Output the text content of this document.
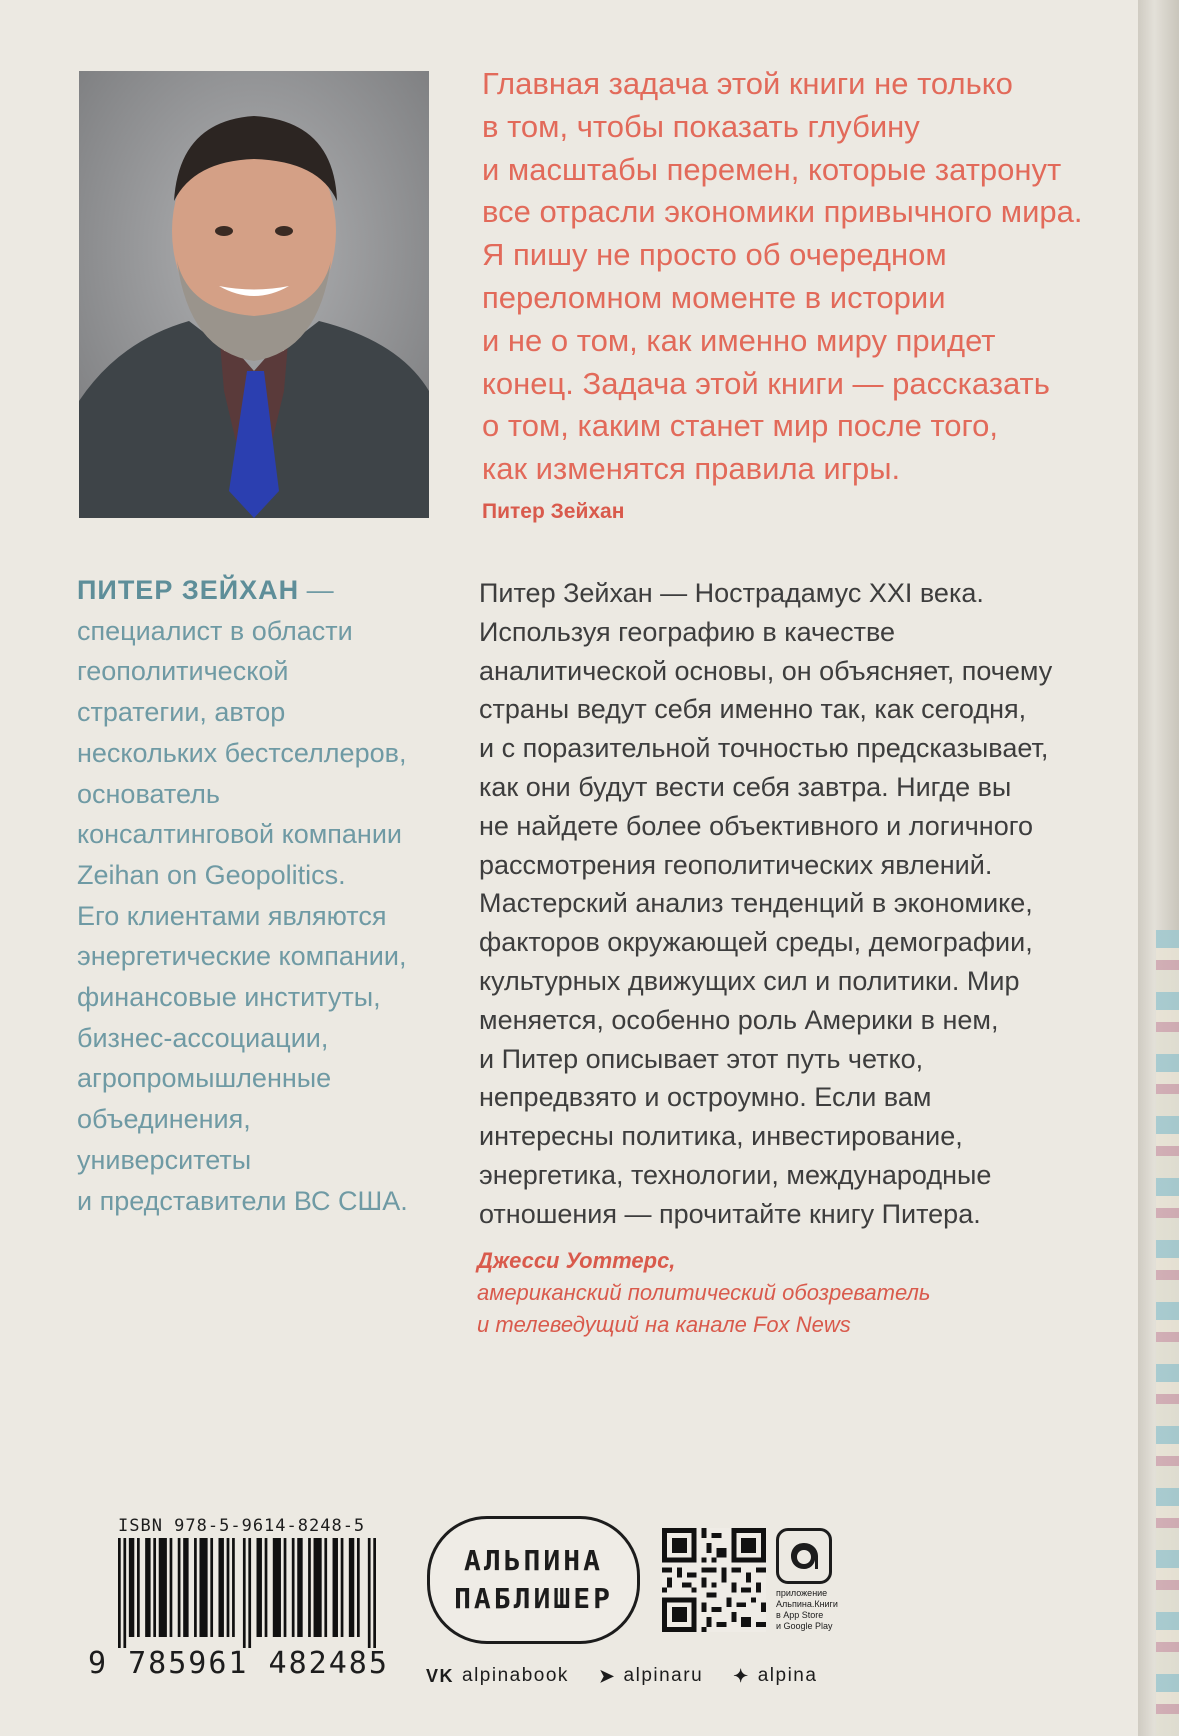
Главная задача этой книги не только
в том, чтобы показать глубину
и масштабы перемен, которые затронут
все отрасли экономики привычного мира.
Я пишу не просто об очередном
переломном моменте в истории
и не о том, как именно миру придет
конец. Задача этой книги — рассказать
о том, каким станет мир после того,
как изменятся правила игры.
Питер Зейхан
ПИТЕР ЗЕЙХАН —
специалист в области
геополитической
стратегии, автор
нескольких бестселлеров,
основатель
консалтинговой компании
Zeihan on Geopolitics.
Его клиентами являются
энергетические компании,
финансовые институты,
бизнес-ассоциации,
агропромышленные
объединения,
университеты
и представители ВС США.
Питер Зейхан — Нострадамус XXI века.
Используя географию в качестве
аналитической основы, он объясняет, почему
страны ведут себя именно так, как сегодня,
и с поразительной точностью предсказывает,
как они будут вести себя завтра. Нигде вы
не найдете более объективного и логичного
рассмотрения геополитических явлений.
Мастерский анализ тенденций в экономике,
факторов окружающей среды, демографии,
культурных движущих сил и политики. Мир
меняется, особенно роль Америки в нем,
и Питер описывает этот путь четко,
непредвзято и остроумно. Если вам
интересны политика, инвестирование,
энергетика, технологии, международные
отношения — прочитайте книгу Питера.
Джесси Уоттерс,
американский политический обозреватель
и телеведущий на канале Fox News
ISBN 978-5-9614-8248-5
9 785961 482485
АЛЬПИНА
ПАБЛИШЕР	приложение
Альпина.Книги
в App Store
и Google Play
VK alpinabook ➤ alpinaru ✦ alpina
